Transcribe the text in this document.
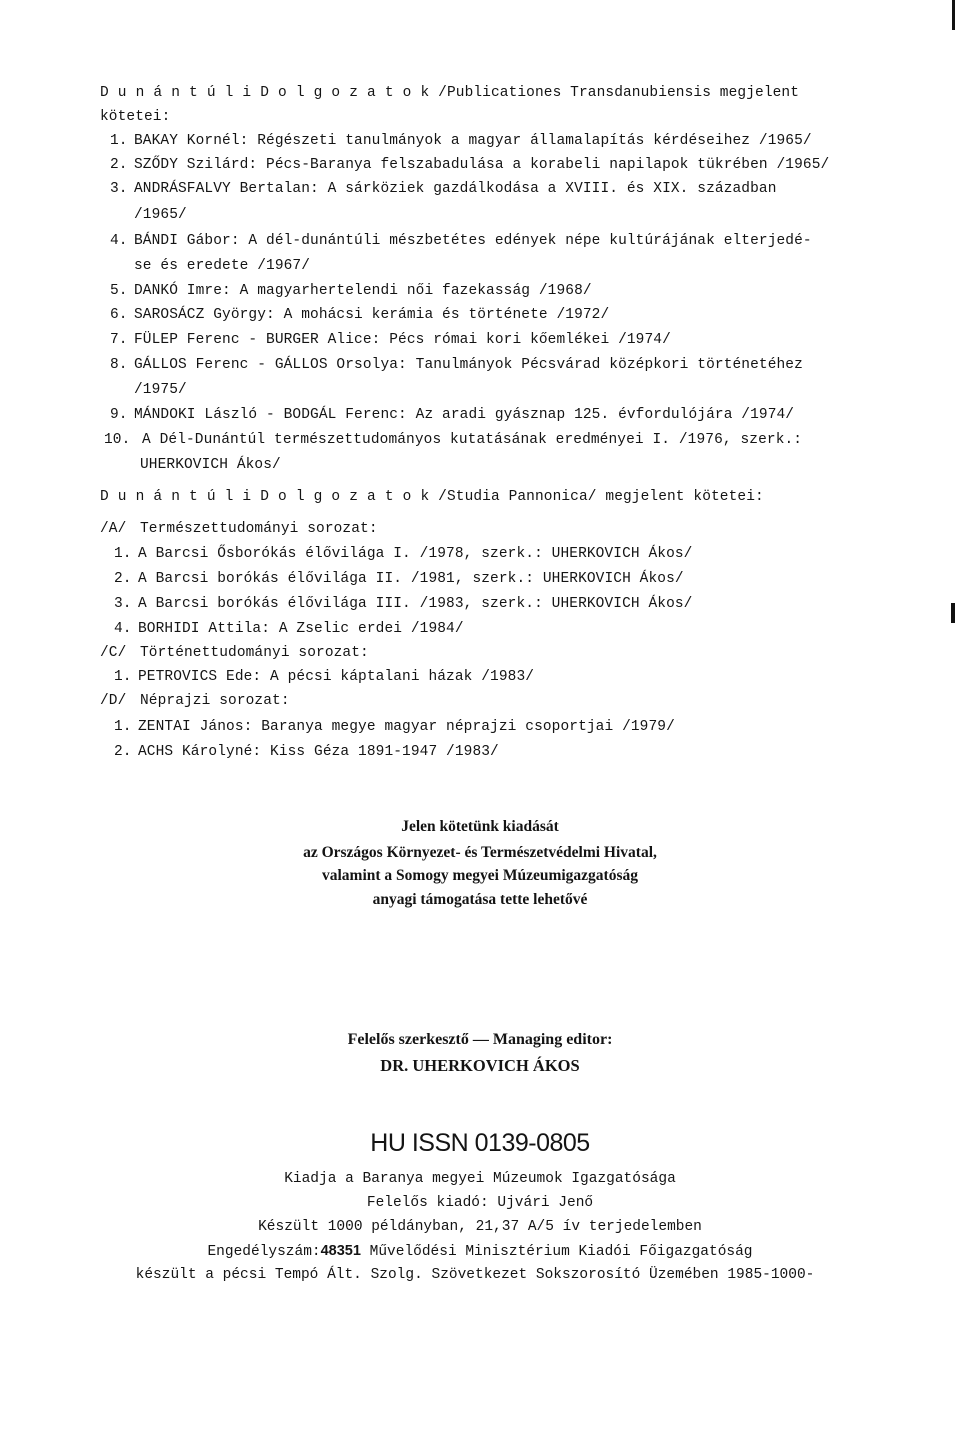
D u n á n t ú l i D o l g o z a t o k /Publicationes Transdanubiensis megjelent
kötetei:
1. BAKAY Kornél: Régészeti tanulmányok a magyar államalapítás kérdéseihez /1965/
2. SZŐDY Szilárd: Pécs-Baranya felszabadulása a korabeli napilapok tükrében /1965/
3. ANDRÁSFALVY Bertalan: A sárköziek gazdálkodása a XVIII. és XIX. században
/1965/
4. BÁNDI Gábor: A dél-dunántúli mészbetétes edények népe kultúrájának elterjedé-
se és eredete /1967/
5. DANKÓ Imre: A magyarhertelendi női fazekasság /1968/
6. SAROSÁCZ György: A mohácsi kerámia és története /1972/
7. FÜLEP Ferenc - BURGER Alice: Pécs római kori kőemlékei /1974/
8. GÁLLOS Ferenc - GÁLLOS Orsolya: Tanulmányok Pécsvárad középkori történetéhez
/1975/
9. MÁNDOKI László - BODGÁL Ferenc: Az aradi gyásznap 125. évfordulójára /1974/
10. A Dél-Dunántúl természettudományos kutatásának eredményei I. /1976, szerk.:
UHERKOVICH Ákos/
D u n á n t ú l i D o l g o z a t o k /Studia Pannonica/ megjelent kötetei:
/A/ Természettudományi sorozat:
1. A Barcsi Ősborókás élővilága I. /1978, szerk.: UHERKOVICH Ákos/
2. A Barcsi borókás élővilága II. /1981, szerk.: UHERKOVICH Ákos/
3. A Barcsi borókás élővilága III. /1983, szerk.: UHERKOVICH Ákos/
4. BORHIDI Attila: A Zselic erdei /1984/
/C/ Történettudományi sorozat:
1. PETROVICS Ede: A pécsi káptalani házak /1983/
/D/ Néprajzi sorozat:
1. ZENTAI János: Baranya megye magyar néprajzi csoportjai /1979/
2. ACHS Károlyné: Kiss Géza 1891-1947 /1983/
Jelen kötetünk kiadását
az Országos Környezet- és Természetvédelmi Hivatal,
valamint a Somogy megyei Múzeumigazgatóság
anyagi támogatása tette lehetővé
Felelős szerkesztő — Managing editor:
DR. UHERKOVICH ÁKOS
HU ISSN 0139-0805
Kiadja a Baranya megyei Múzeumok Igazgatósága
Felelős kiadó: Ujvári Jenő
Készült 1000 példányban, 21,37 A/5 ív terjedelemben
Engedélyszám:48351 Művelődési Minisztérium Kiadói Főigazgatóság
készült a pécsi Tempó Ált. Szolg. Szövetkezet Sokszorosító Üzemében 1985-1000-
